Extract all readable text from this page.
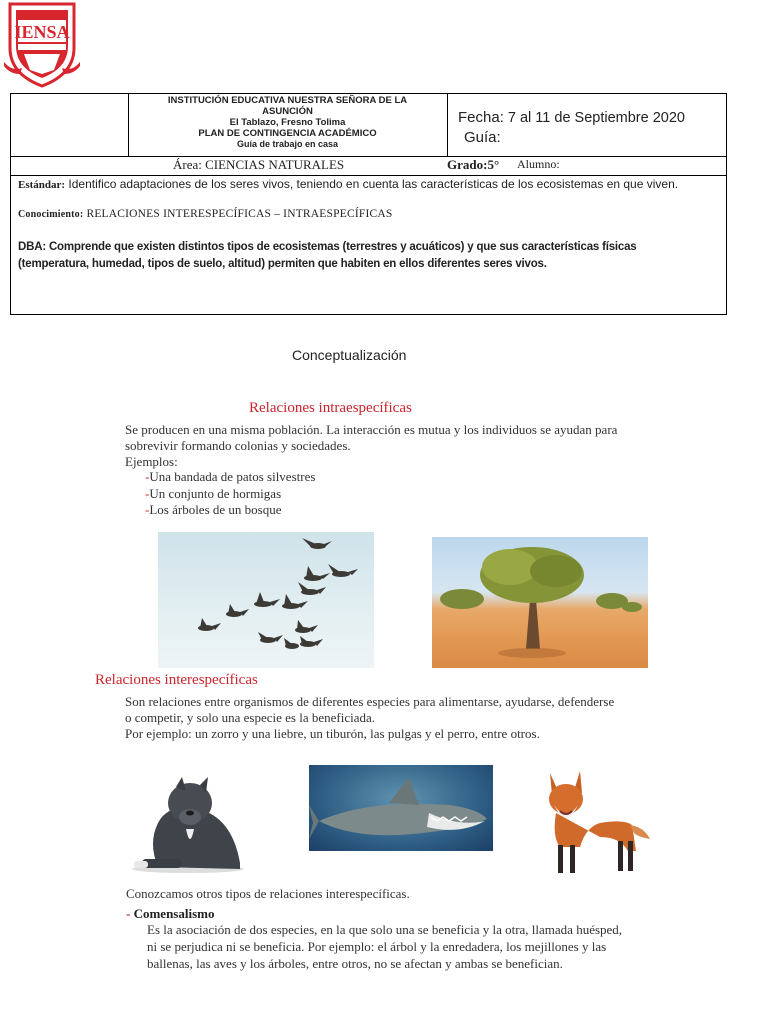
IENSA
INSTITUCIÓN EDUCATIVA NUESTRA SEÑORA DE LA
ASUNCIÓN
El Tablazo, Fresno Tolima
PLAN DE CONTINGENCIA ACADÉMICO
Guía de trabajo en casa
Fecha: 7 al 11 de Septiembre 2020
Guía:
Área: CIENCIAS NATURALES	Grado:5° Alumno:
Estándar: Identifico adaptaciones de los seres vivos, teniendo en cuenta las características de los ecosistemas en que viven.
Conocimiento: RELACIONES INTERESPECÍFICAS – INTRAESPECÍFICAS
DBA: Comprende que existen distintos tipos de ecosistemas (terrestres y acuáticos) y que sus características físicas
(temperatura, humedad, tipos de suelo, altitud) permiten que habiten en ellos diferentes seres vivos.
Conceptualización
Relaciones intraespecíficas
Se producen en una misma población. La interacción es mutua y los individuos se ayudan para
sobrevivir formando colonias y sociedades.
Ejemplos:
-Una bandada de patos silvestres
-Un conjunto de hormigas
-Los árboles de un bosque
Relaciones interespecíficas
Son relaciones entre organismos de diferentes especies para alimentarse, ayudarse, defenderse
o competir, y solo una especie es la beneficiada.
Por ejemplo: un zorro y una liebre, un tiburón, las pulgas y el perro, entre otros.
Conozcamos otros tipos de relaciones interespecíficas.
- Comensalismo
Es la asociación de dos especies, en la que solo una se beneficia y la otra, llamada huésped,
ni se perjudica ni se beneficia. Por ejemplo: el árbol y la enredadera, los mejillones y las
ballenas, las aves y los árboles, entre otros, no se afectan y ambas se benefician.
